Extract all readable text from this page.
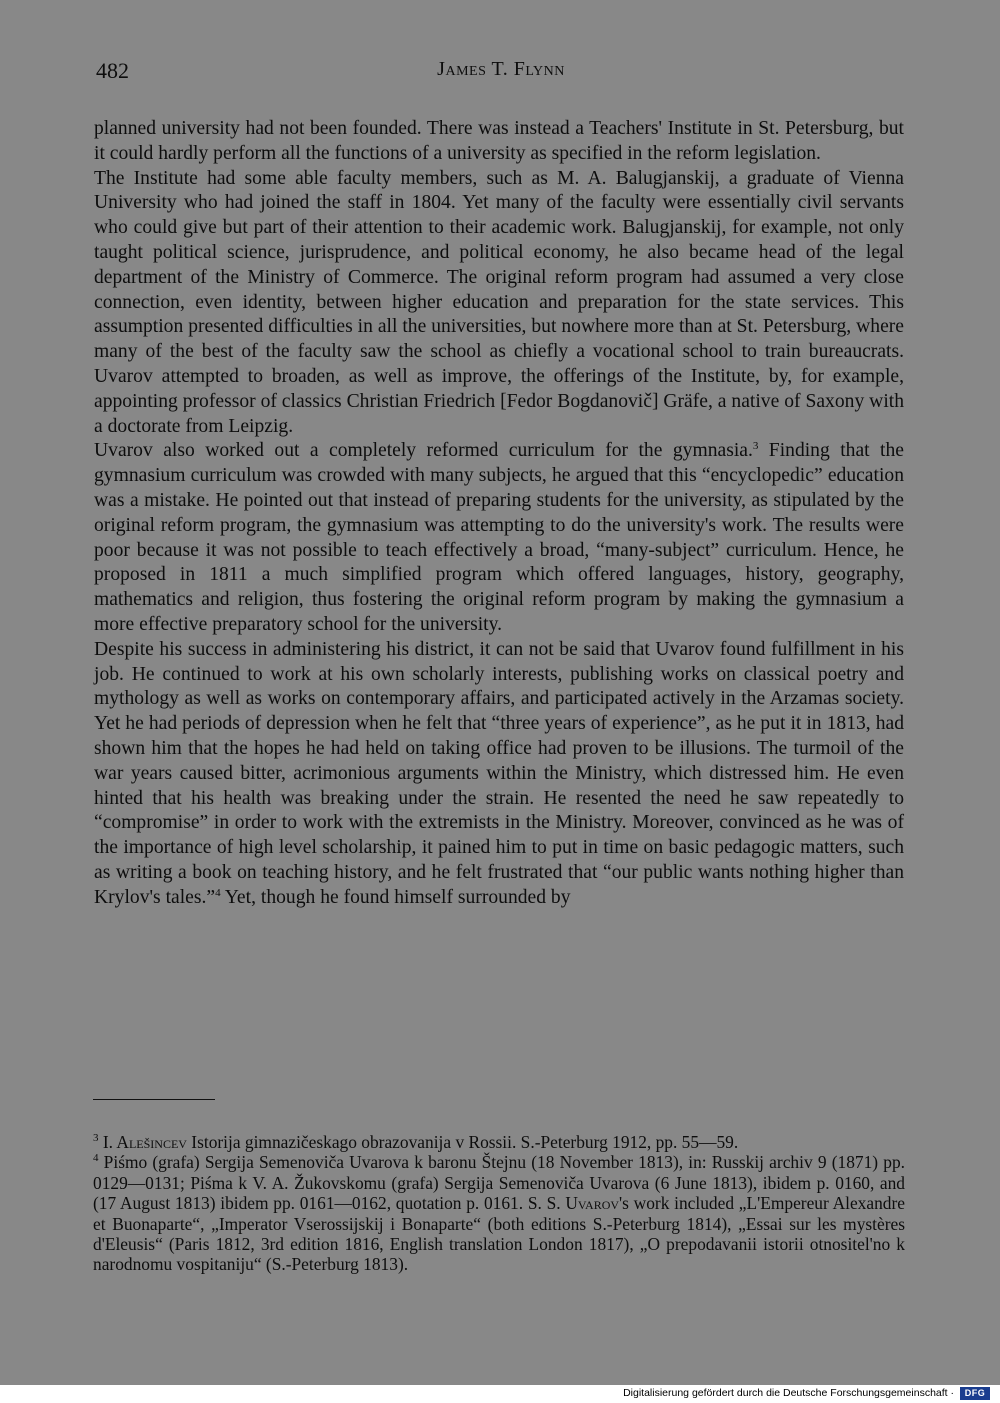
482	James T. Flynn

planned university had not been founded. There was instead a Teachers' Institute in St. Petersburg, but it could hardly perform all the functions of a university as specified in the reform legislation.

The Institute had some able faculty members, such as M. A. Balugjanskij, a graduate of Vienna University who had joined the staff in 1804. Yet many of the faculty were essentially civil servants who could give but part of their attention to their academic work. Balugjanskij, for example, not only taught political science, jurisprudence, and political economy, he also became head of the legal department of the Ministry of Commerce. The original reform program had assumed a very close connection, even identity, between higher education and preparation for the state services. This assumption presented difficulties in all the universities, but nowhere more than at St. Petersburg, where many of the best of the faculty saw the school as chiefly a vocational school to train bureaucrats. Uvarov attempted to broaden, as well as improve, the offerings of the Institute, by, for example, appointing professor of classics Christian Friedrich [Fedor Bogdanovič] Gräfe, a native of Saxony with a doctorate from Leipzig.

Uvarov also worked out a completely reformed curriculum for the gymnasia.$^3$ Finding that the gymnasium curriculum was crowded with many subjects, he argued that this “encyclopedic” education was a mistake. He pointed out that instead of preparing students for the university, as stipulated by the original reform program, the gymnasium was attempting to do the university's work. The results were poor because it was not possible to teach effectively a broad, “many-subject” curriculum. Hence, he proposed in 1811 a much simplified program which offered languages, history, geography, mathematics and religion, thus fostering the original reform program by making the gymnasium a more effective preparatory school for the university.

Despite his success in administering his district, it can not be said that Uvarov found fulfillment in his job. He continued to work at his own scholarly interests, publishing works on classical poetry and mythology as well as works on contemporary affairs, and participated actively in the Arzamas society. Yet he had periods of depression when he felt that “three years of experience”, as he put it in 1813, had shown him that the hopes he had held on taking office had proven to be illusions. The turmoil of the war years caused bitter, acrimonious arguments within the Ministry, which distressed him. He even hinted that his health was breaking under the strain. He resented the need he saw repeatedly to “compromise” in order to work with the extremists in the Ministry. Moreover, convinced as he was of the importance of high level scholarship, it pained him to put in time on basic pedagogic matters, such as writing a book on teaching history, and he felt frustrated that “our public wants nothing higher than Krylov's tales.”$^4$ Yet, though he found himself surrounded by

$^3$ I. Alešincev Istorija gimnazičeskago obrazovanija v Rossii. S.-Peterburg 1912, pp. 55—59.

$^4$ Piśmo (grafa) Sergija Semenoviča Uvarova k baronu Štejnu (18 November 1813), in: Russkij archiv 9 (1871) pp. 0129—0131; Piśma k V. A. Žukovskomu (grafa) Sergija Semenoviča Uvarova (6 June 1813), ibidem p. 0160, and (17 August 1813) ibidem pp. 0161—0162, quotation p. 0161. S. S. Uvarov's work included „L'Empereur Alexandre et Buonaparte“, „Imperator Vserossijskij i Bonaparte“ (both editions S.-Peterburg 1814), „Essai sur les mystères d'Eleusis“ (Paris 1812, 3rd edition 1816, English translation London 1817), „O prepodavanii istorii otnositel'no k narodnomu vospitaniju“ (S.-Peterburg 1813).

Digitalisierung gefördert durch die Deutsche Forschungsgemeinschaft ·	DFG
